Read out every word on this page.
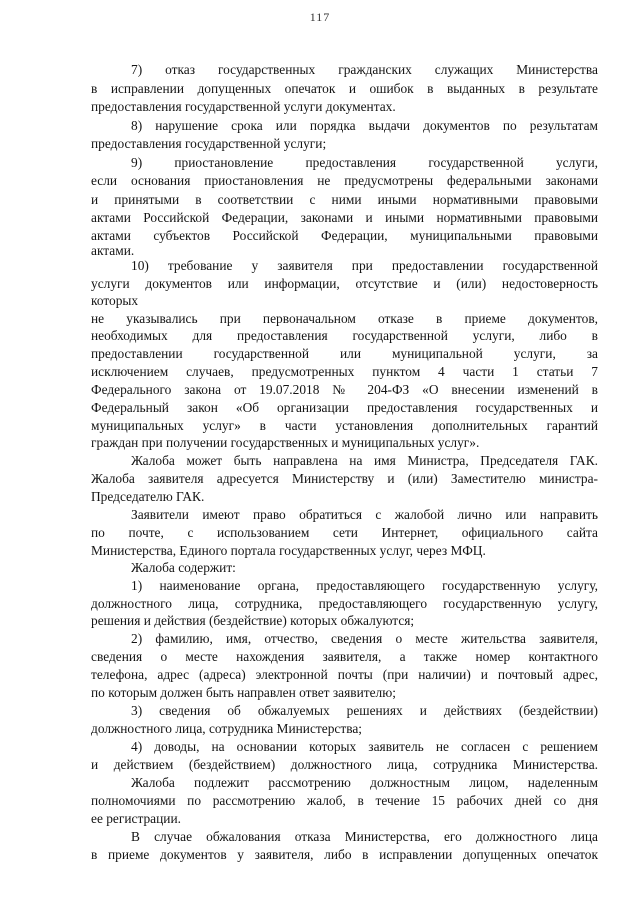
117
7) отказ государственных гражданских служащих Министерства
в исправлении допущенных опечаток и ошибок в выданных в результате
предоставления государственной услуги документах.
8) нарушение срока или порядка выдачи документов по результатам
предоставления государственной услуги;
9) приостановление предоставления государственной услуги,
если основания приостановления не предусмотрены федеральными законами
и принятыми в соответствии с ними иными нормативными правовыми
актами Российской Федерации, законами и иными нормативными правовыми
актами субъектов Российской Федерации, муниципальными правовыми
актами.
10) требование у заявителя при предоставлении государственной
услуги документов или информации, отсутствие и (или) недостоверность
которых
не указывались при первоначальном отказе в приеме документов,
необходимых для предоставления государственной услуги, либо в
предоставлении государственной или муниципальной услуги, за
исключением случаев, предусмотренных пунктом 4 части 1 статьи 7
Федерального закона от 19.07.2018 № 204-ФЗ «О внесении изменений в
Федеральный закон «Об организации предоставления государственных и
муниципальных услуг» в части установления дополнительных гарантий
граждан при получении государственных и муниципальных услуг».
Жалоба может быть направлена на имя Министра, Председателя ГАК.
Жалоба заявителя адресуется Министерству и (или) Заместителю министра-
Председателю ГАК.
Заявители имеют право обратиться с жалобой лично или направить
по почте, с использованием сети Интернет, официального сайта
Министерства, Единого портала государственных услуг, через МФЦ.
Жалоба содержит:
1) наименование органа, предоставляющего государственную услугу,
должностного лица, сотрудника, предоставляющего государственную услугу,
решения и действия (бездействие) которых обжалуются;
2) фамилию, имя, отчество, сведения о месте жительства заявителя,
сведения о месте нахождения заявителя, а также номер контактного
телефона, адрес (адреса) электронной почты (при наличии) и почтовый адрес,
по которым должен быть направлен ответ заявителю;
3) сведения об обжалуемых решениях и действиях (бездействии)
должностного лица, сотрудника Министерства;
4) доводы, на основании которых заявитель не согласен с решением
и действием (бездействием) должностного лица, сотрудника Министерства.
Жалоба подлежит рассмотрению должностным лицом, наделенным
полномочиями по рассмотрению жалоб, в течение 15 рабочих дней со дня
ее регистрации.
В случае обжалования отказа Министерства, его должностного лица
в приеме документов у заявителя, либо в исправлении допущенных опечаток
